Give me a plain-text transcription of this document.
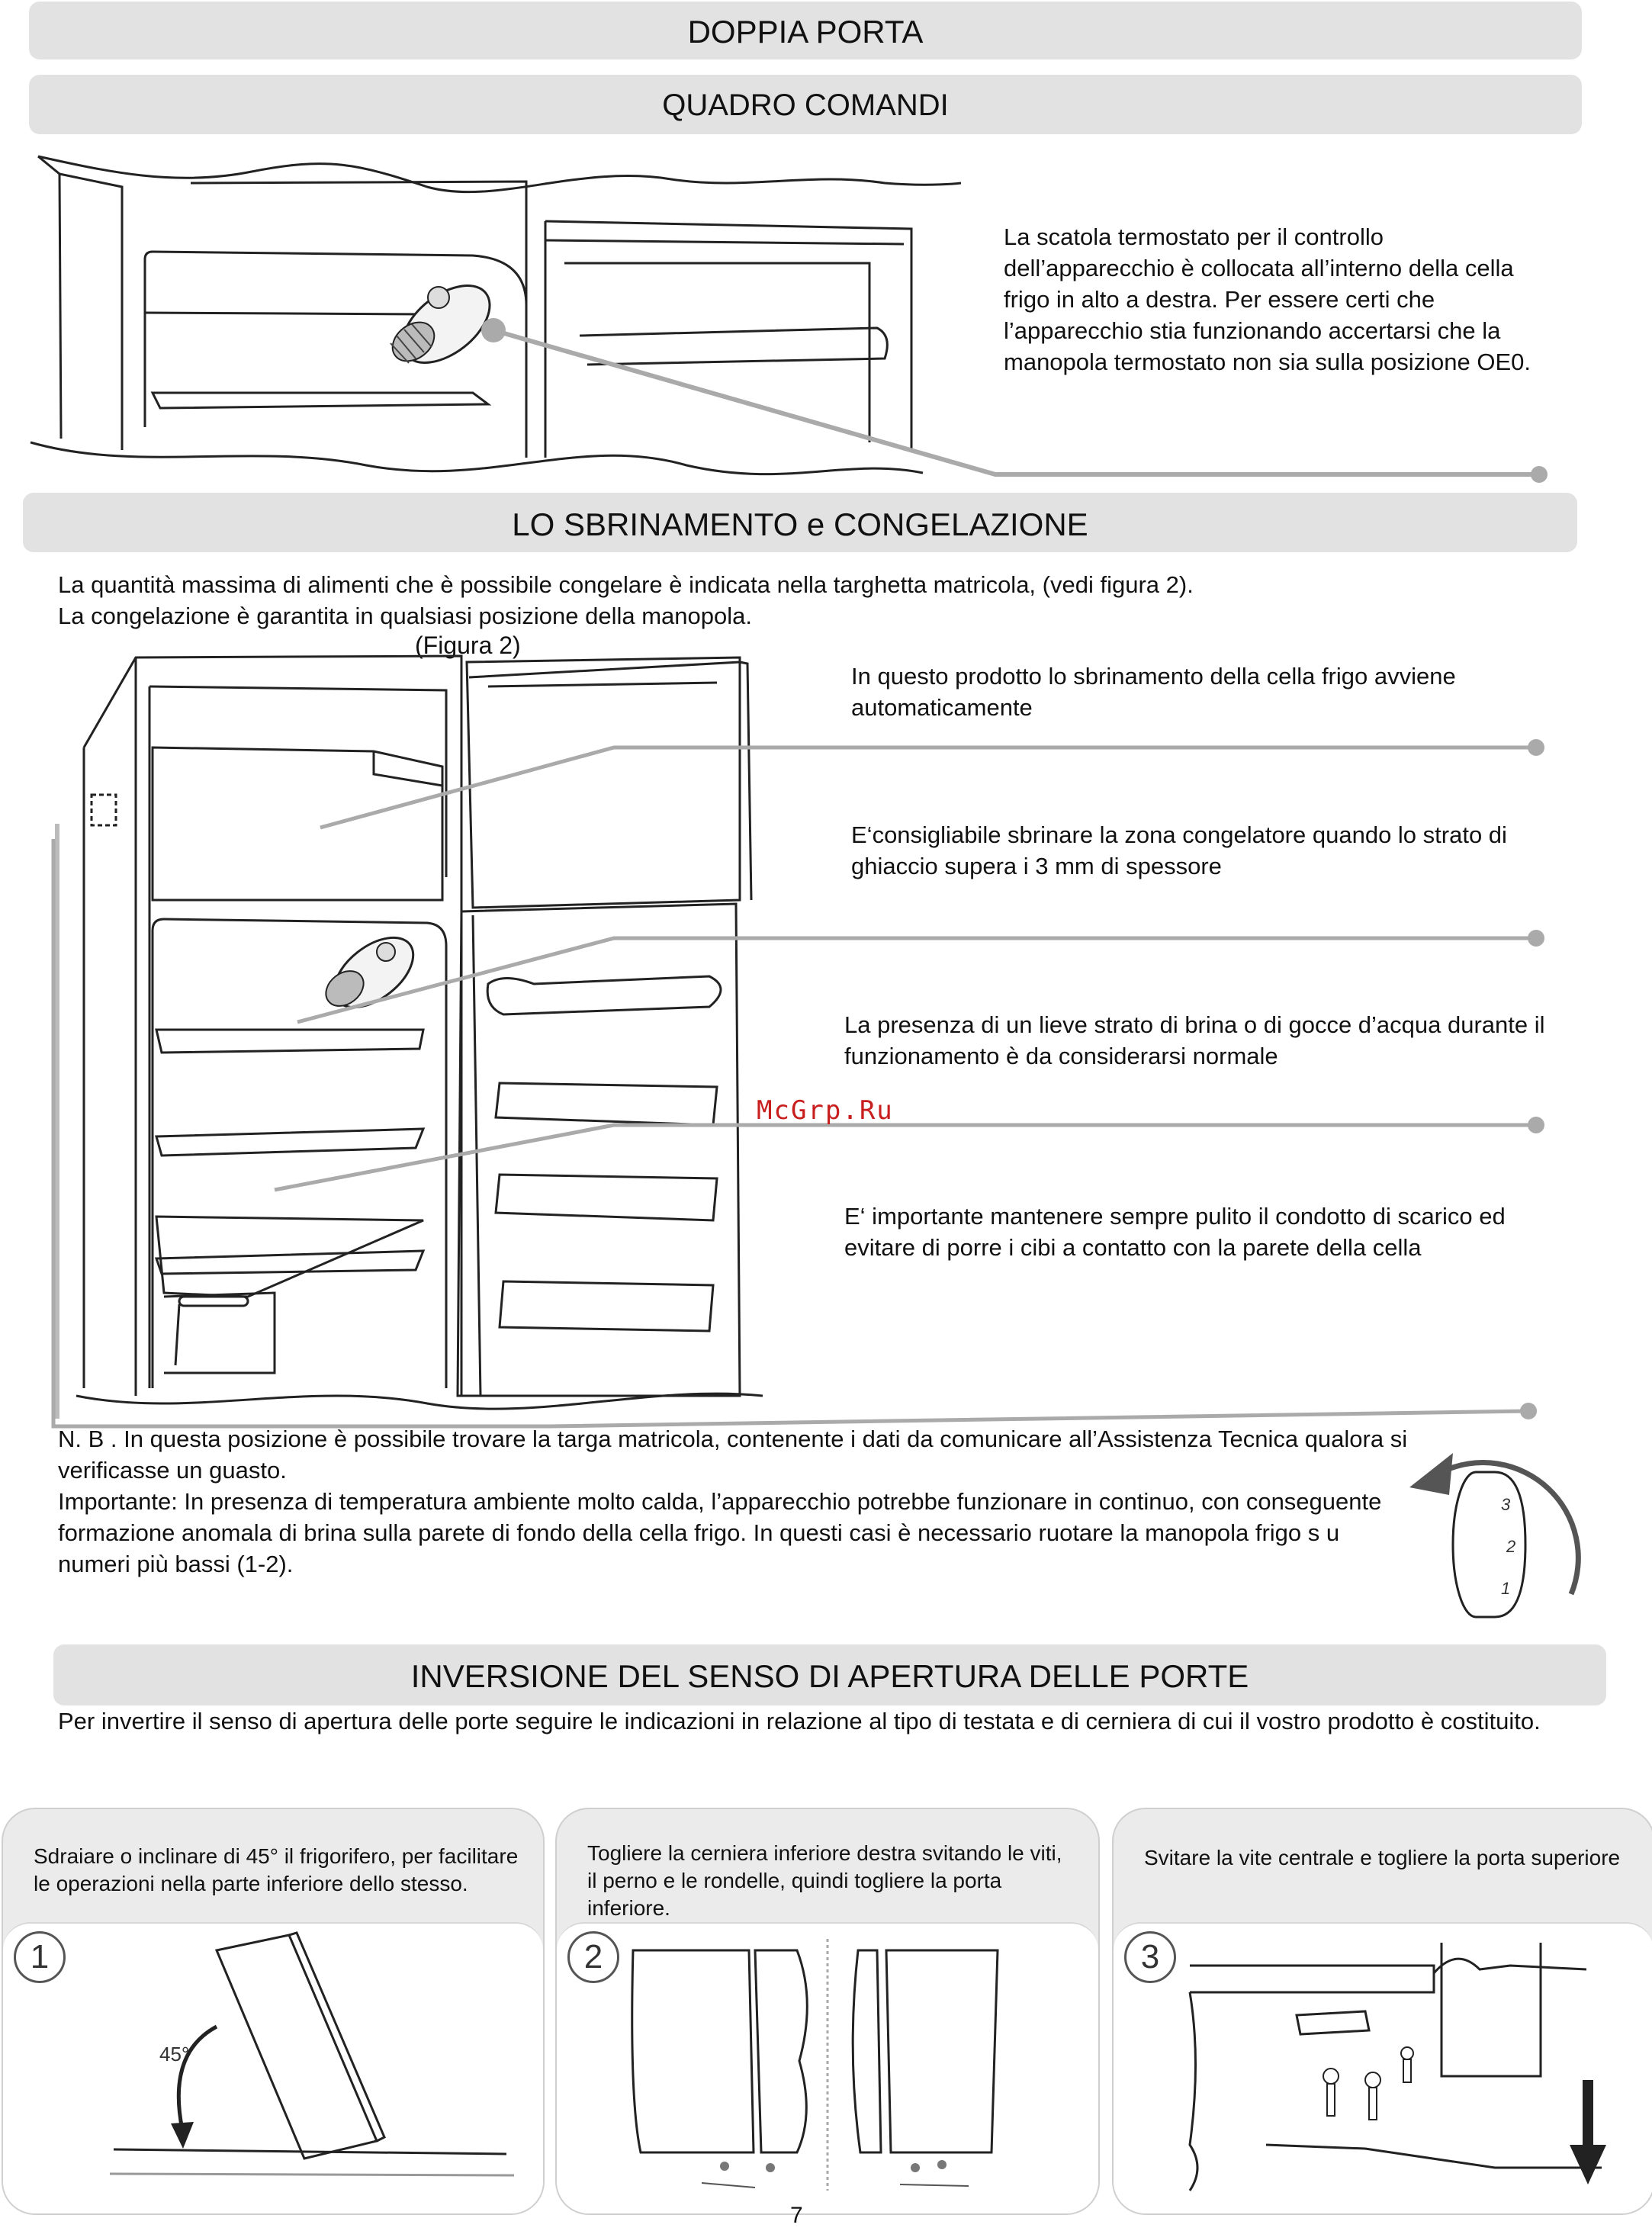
DOPPIA PORTA
QUADRO COMANDI
LO SBRINAMENTO e CONGELAZIONE
INVERSIONE DEL SENSO DI APERTURA DELLE PORTE
La scatola termostato per il controllo dell’apparecchio è collocata all’interno della cella frigo in alto a destra. Per essere certi che l’apparecchio stia funzionando accertarsi che la manopola termostato non sia sulla posizione OE0.
La quantità massima di alimenti che è possibile congelare è indicata nella targhetta matricola, (vedi figura 2).
La congelazione è garantita in qualsiasi posizione della manopola.
(Figura 2)
In questo prodotto lo sbrinamento della cella frigo avviene automaticamente
E‘consigliabile sbrinare la zona congelatore quando lo strato di ghiaccio supera i 3 mm di spessore
La presenza di un lieve strato di brina o di gocce d’acqua durante il funzionamento è da considerarsi normale
E‘ importante mantenere sempre pulito il condotto di scarico ed evitare di porre i cibi a contatto con la parete della cella
McGrp.Ru
N. B . In questa posizione è possibile trovare la targa matricola, contenente i dati da comunicare all’Assistenza Tecnica qualora si verificasse un guasto.
Importante: In presenza di temperatura ambiente molto calda, l’apparecchio potrebbe funzionare in continuo, con conseguente formazione anomala di brina sulla parete di fondo della cella frigo. In questi casi è necessario ruotare la manopola frigo s u numeri più bassi (1-2).
3
2
1
Per invertire il senso di apertura delle porte seguire le indicazioni in relazione al tipo di testata e di cerniera di cui il vostro prodotto è costituito.
Sdraiare o inclinare di 45° il frigorifero, per facilitare le operazioni nella parte inferiore dello stesso.
1
45°
Togliere la cerniera inferiore destra svitando le viti, il perno e le rondelle, quindi togliere la porta inferiore.
2
Svitare la vite centrale e togliere la porta superiore
3
7
